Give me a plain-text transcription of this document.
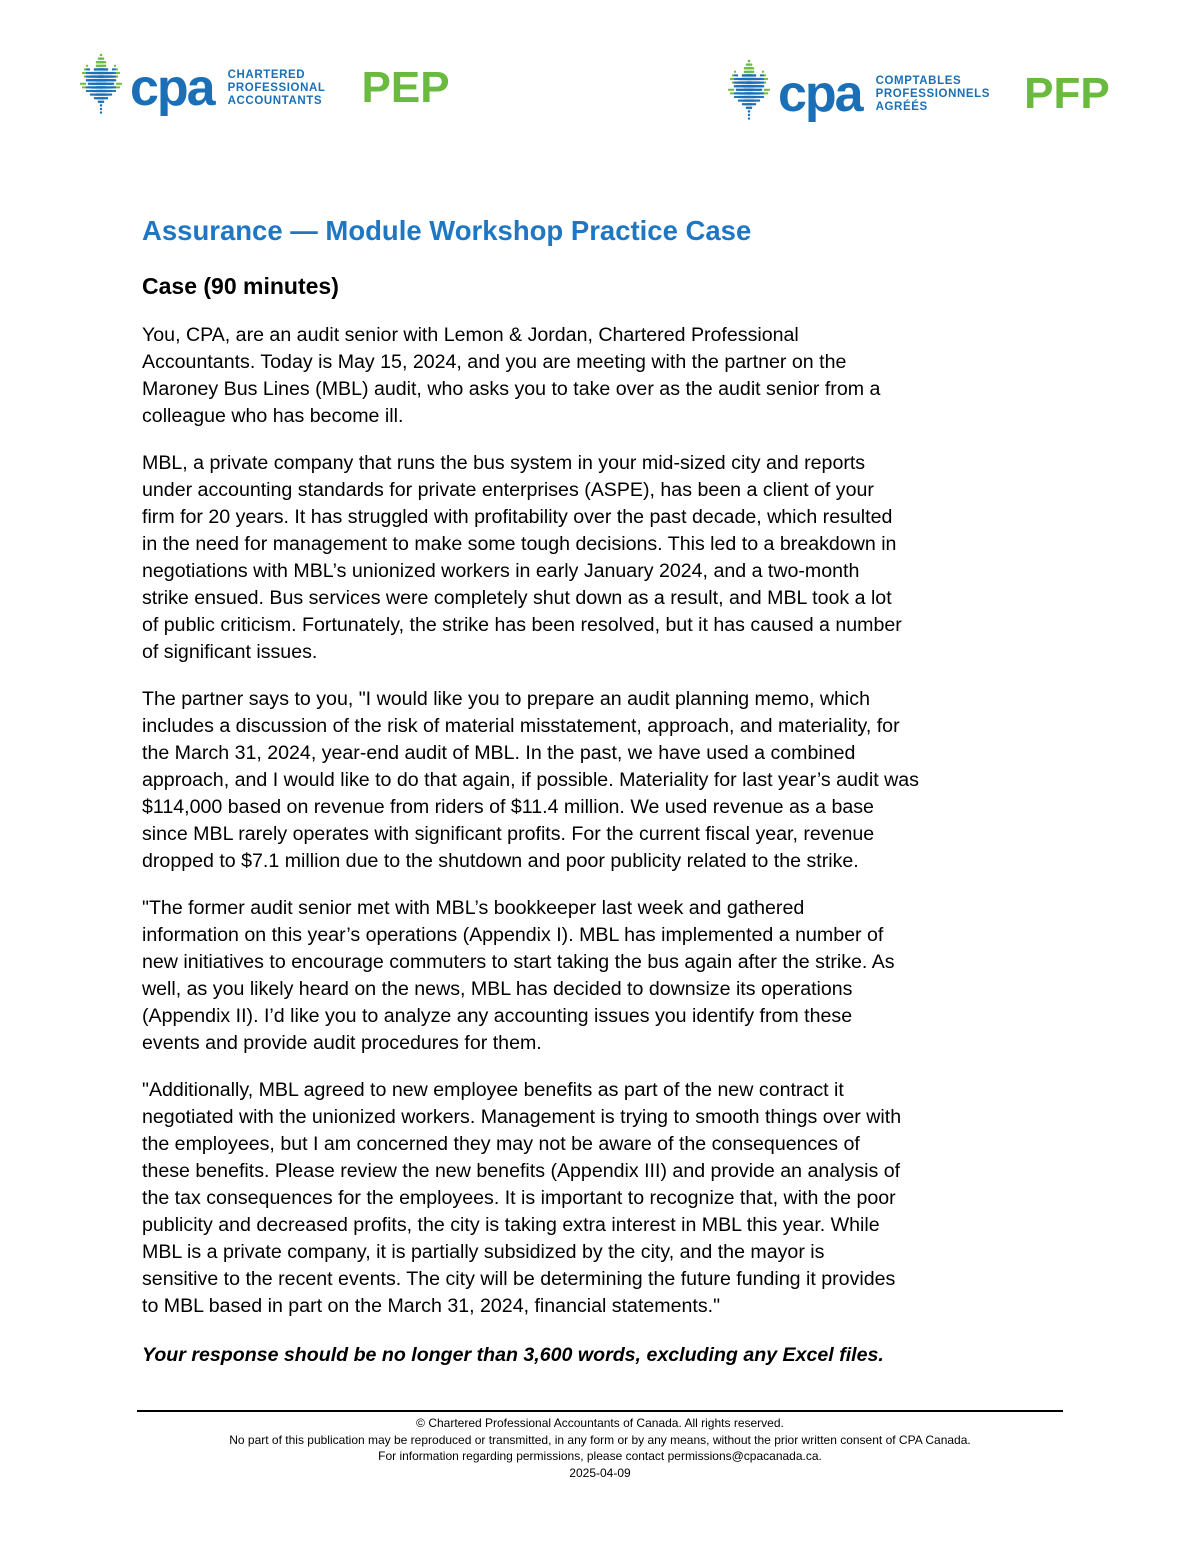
cpa CHARTERED
PROFESSIONAL
ACCOUNTANTS PEP	cpa COMPTABLES
PROFESSIONNELS
AGRÉÉS	PFP
Assurance — Module Workshop Practice Case
Case (90 minutes)

You, CPA, are an audit senior with Lemon & Jordan, Chartered Professional
Accountants. Today is May 15, 2024, and you are meeting with the partner on the
Maroney Bus Lines (MBL) audit, who asks you to take over as the audit senior from a
colleague who has become ill.

MBL, a private company that runs the bus system in your mid-sized city and reports
under accounting standards for private enterprises (ASPE), has been a client of your
firm for 20 years. It has struggled with profitability over the past decade, which resulted
in the need for management to make some tough decisions. This led to a breakdown in
negotiations with MBL’s unionized workers in early January 2024, and a two-month
strike ensued. Bus services were completely shut down as a result, and MBL took a lot
of public criticism. Fortunately, the strike has been resolved, but it has caused a number
of significant issues.

The partner says to you, "I would like you to prepare an audit planning memo, which
includes a discussion of the risk of material misstatement, approach, and materiality, for
the March 31, 2024, year-end audit of MBL. In the past, we have used a combined
approach, and I would like to do that again, if possible. Materiality for last year’s audit was
$114,000 based on revenue from riders of $11.4 million. We used revenue as a base
since MBL rarely operates with significant profits. For the current fiscal year, revenue
dropped to $7.1 million due to the shutdown and poor publicity related to the strike.

"The former audit senior met with MBL’s bookkeeper last week and gathered
information on this year’s operations (Appendix I). MBL has implemented a number of
new initiatives to encourage commuters to start taking the bus again after the strike. As
well, as you likely heard on the news, MBL has decided to downsize its operations
(Appendix II). I’d like you to analyze any accounting issues you identify from these
events and provide audit procedures for them.

"Additionally, MBL agreed to new employee benefits as part of the new contract it
negotiated with the unionized workers. Management is trying to smooth things over with
the employees, but I am concerned they may not be aware of the consequences of
these benefits. Please review the new benefits (Appendix III) and provide an analysis of
the tax consequences for the employees. It is important to recognize that, with the poor
publicity and decreased profits, the city is taking extra interest in MBL this year. While
MBL is a private company, it is partially subsidized by the city, and the mayor is
sensitive to the recent events. The city will be determining the future funding it provides
to MBL based in part on the March 31, 2024, financial statements."

Your response should be no longer than 3,600 words, excluding any Excel files.

© Chartered Professional Accountants of Canada. All rights reserved.
No part of this publication may be reproduced or transmitted, in any form or by any means, without the prior written consent of CPA Canada.
For information regarding permissions, please contact permissions@cpacanada.ca.
2025-04-09
